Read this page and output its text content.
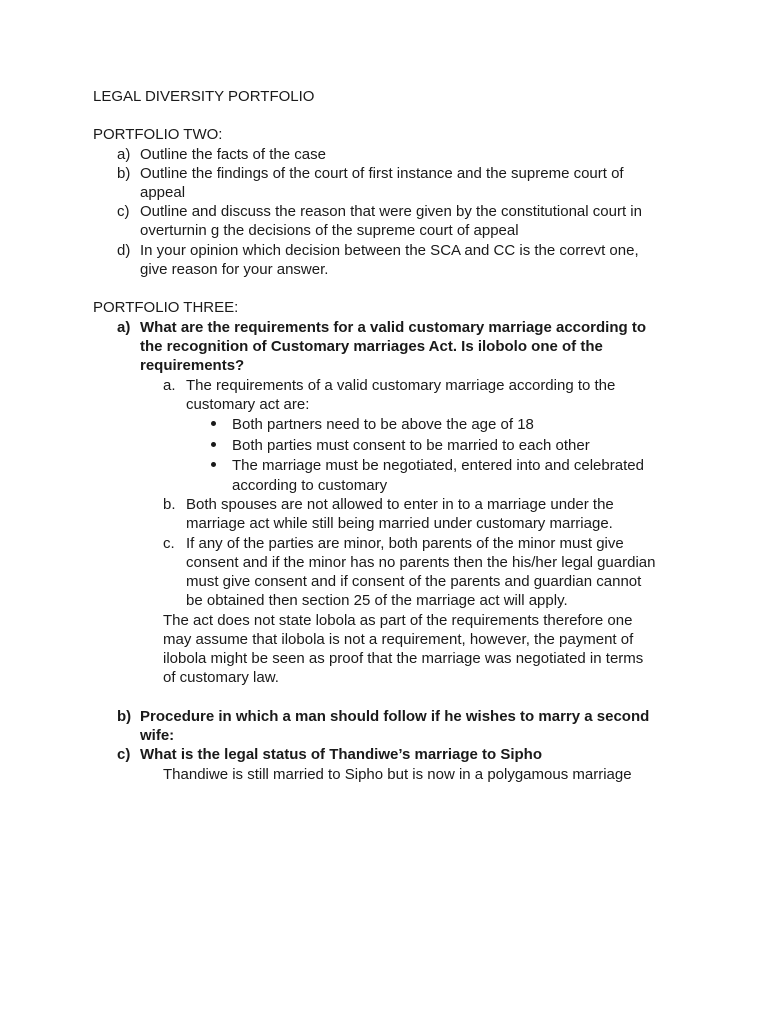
LEGAL DIVERSITY PORTFOLIO
PORTFOLIO TWO:
a) Outline the facts of the case
b) Outline the findings of the court of first instance and the supreme court of
appeal
c) Outline and discuss the reason that were given by the constitutional court in
overturnin g the decisions of the supreme court of appeal
d) In your opinion which decision between the SCA and CC is the correvt one,
give reason for your answer.
PORTFOLIO THREE:
a) What are the requirements for a valid customary marriage according to
the recognition of Customary marriages Act. Is ilobolo one of the
requirements?
a. The requirements of a valid customary marriage according to the
customary act are:
Both partners need to be above the age of 18
Both parties must consent to be married to each other
The marriage must be negotiated, entered into and celebrated
according to customary
b. Both spouses are not allowed to enter in to a marriage under the
marriage act while still being married under customary marriage.
c. If any of the parties are minor, both parents of the minor must give
consent and if the minor has no parents then the his/her legal guardian
must give consent and if consent of the parents and guardian cannot
be obtained then section 25 of the marriage act will apply.
The act does not state lobola as part of the requirements therefore one
may assume that ilobola is not a requirement, however, the payment of
ilobola might be seen as proof that the marriage was negotiated in terms
of customary law.
b) Procedure in which a man should follow if he wishes to marry a second
wife:
c) What is the legal status of Thandiwe’s marriage to Sipho
Thandiwe is still married to Sipho but is now in a polygamous marriage
